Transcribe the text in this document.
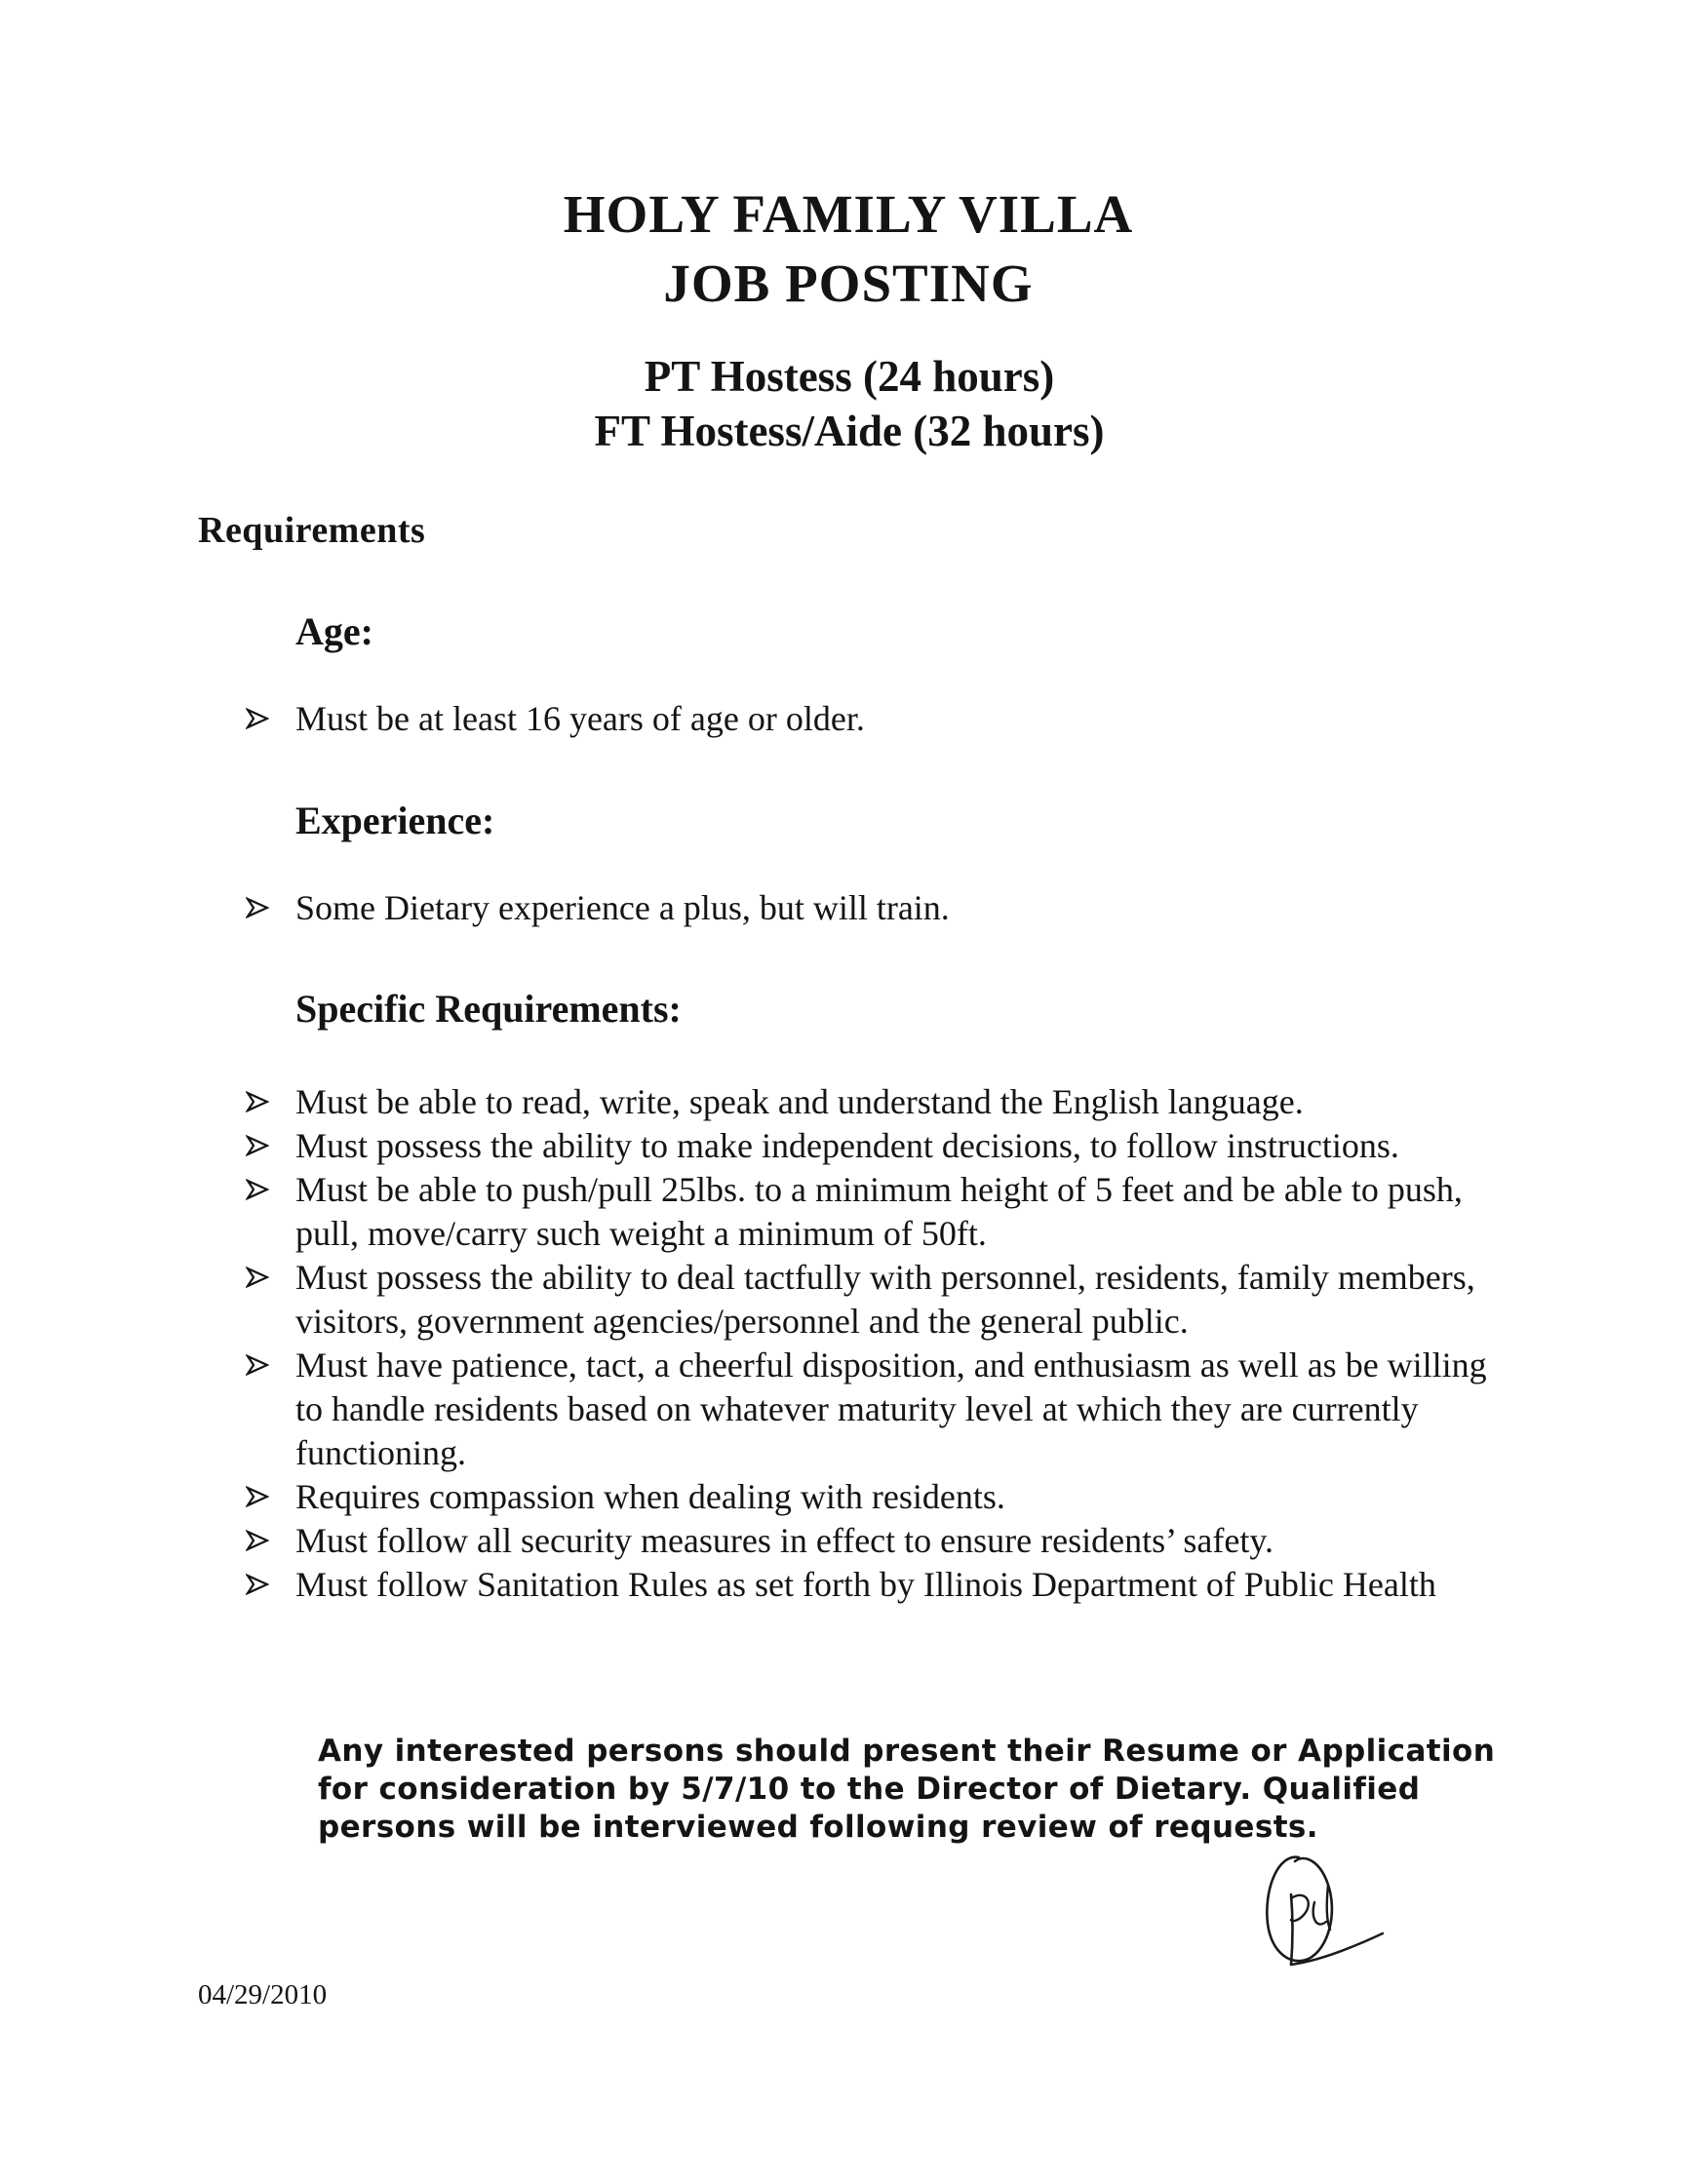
HOLY FAMILY VILLA
JOB POSTING
PT Hostess (24 hours)
FT Hostess/Aide (32 hours)
Requirements
Age:
Must be at least 16 years of age or older.
Experience:
Some Dietary experience a plus, but will train.
Specific Requirements:
Must be able to read, write, speak and understand the English language.
Must possess the ability to make independent decisions, to follow instructions.
Must be able to push/pull 25lbs. to a minimum height of 5 feet and be able to push, pull, move/carry such weight a minimum of 50ft.
Must possess the ability to deal tactfully with personnel, residents, family members, visitors, government agencies/personnel and the general public.
Must have patience, tact, a cheerful disposition, and enthusiasm as well as be willing to handle residents based on whatever maturity level at which they are currently functioning.
Requires compassion when dealing with residents.
Must follow all security measures in effect to ensure residents’ safety.
Must follow Sanitation Rules as set forth by Illinois Department of Public Health
Any interested persons should present their Resume or Application
for consideration by 5/7/10 to the Director of Dietary. Qualified
persons will be interviewed following review of requests.
04/29/2010
